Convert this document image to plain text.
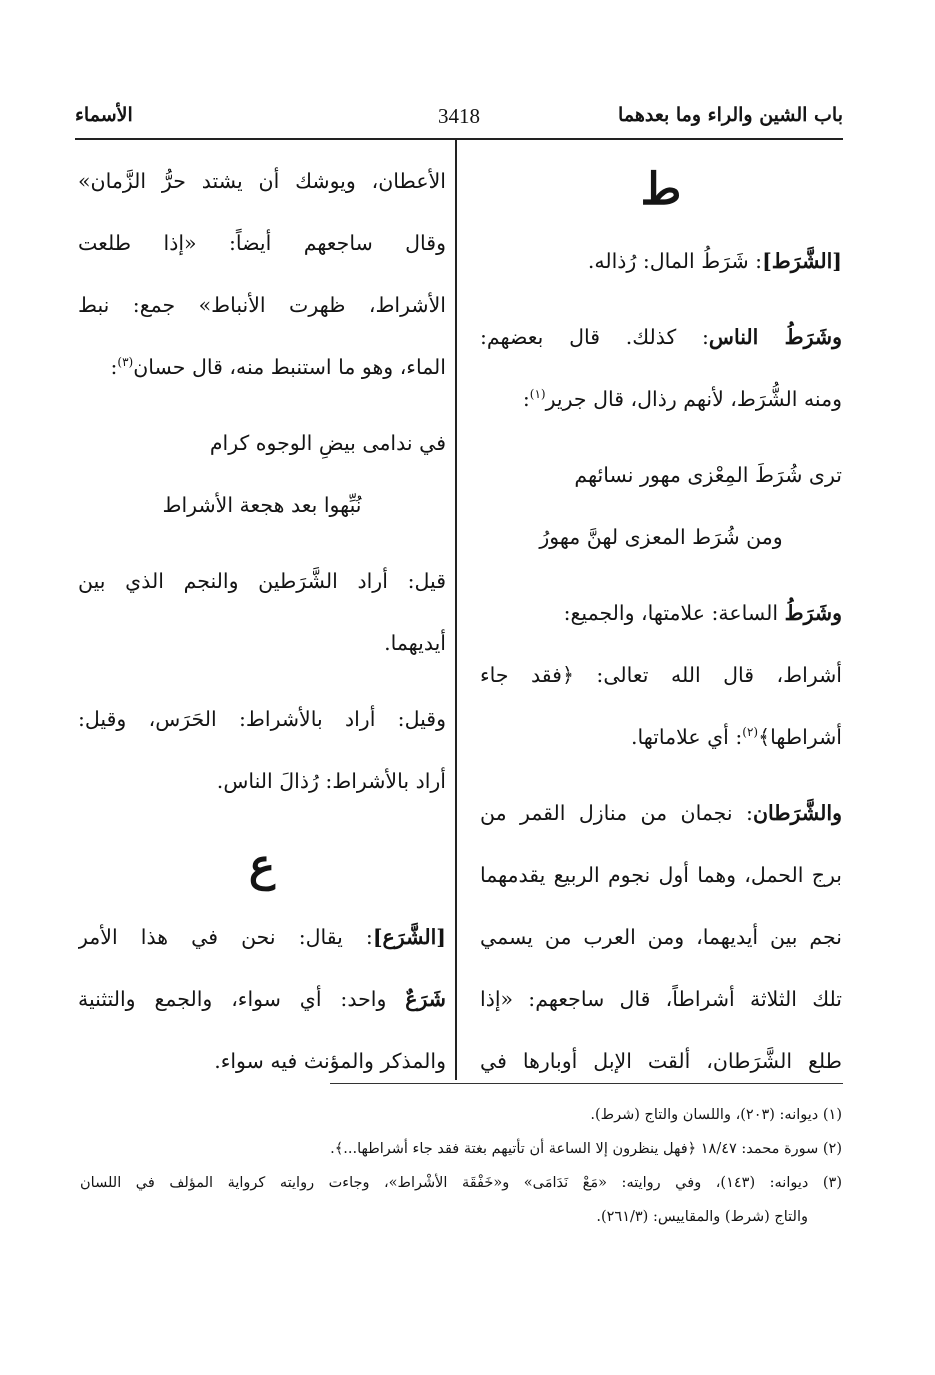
باب الشين والراء وما بعدهما
3418
الأسماء
ط
[الشَّرَط]: شَرَطُ المال: رُذاله.
وشَرَطُ الناس: كذلك. قال بعضهم:
ومنه الشُّرَط، لأنهم رذال، قال جرير$^{(١)}$:
ترى شُرَطَ المِعْزى مهور نسائهم
ومن شُرَط المعزى لهنَّ مهورُ
وشَرَطُ الساعة: علامتها، والجميع:
أشراط، قال الله تعالى: ﴿فقد جاء
أشراطها﴾$^{(٢)}$: أي علاماتها.
والشَّرَطان: نجمان من منازل القمر من
برج الحمل، وهما أول نجوم الربيع يقدمهما
نجم بين أيديهما، ومن العرب من يسمي
تلك الثلاثة أشراطاً، قال ساجعهم: «إذا
طلع الشَّرَطان، ألقت الإبل أوبارها في
الأعطان، ويوشك أن يشتد حرُّ الزَّمان»
وقال ساجعهم أيضاً: «إذا طلعت
الأشراط، ظهرت الأنباط» جمع: نبط
الماء، وهو ما استنبط منه، قال حسان$^{(٣)}$:
في ندامى بيضِ الوجوه كرام
نُبِّهوا بعد هجعة الأشراط
قيل: أراد الشَّرَطين والنجم الذي بين
أيديهما.
وقيل: أراد بالأشراط: الحَرَس، وقيل:
أراد بالأشراط: رُذالَ الناس.
ع
[الشَّرَع]: يقال: نحن في هذا الأمر
شَرَعٌ واحد: أي سواء، والجمع والتثنية
والمذكر والمؤنث فيه سواء.
(١) ديوانه: (٢٠٣)، واللسان والتاج (شرط).
(٢) سورة محمد: ١٨/٤٧ ﴿فهل ينظرون إلا الساعة أن تأتيهم بغتة فقد جاء أشراطها...﴾.
(٣) ديوانه: (١٤٣)، وفي روايته: «مَعْ نَدَامَى» و«خَفْقَة الأشْراط»، وجاءت روايته كرواية المؤلف في اللسان
والتاج (شرط) والمقاييس: (٢٦١/٣).
